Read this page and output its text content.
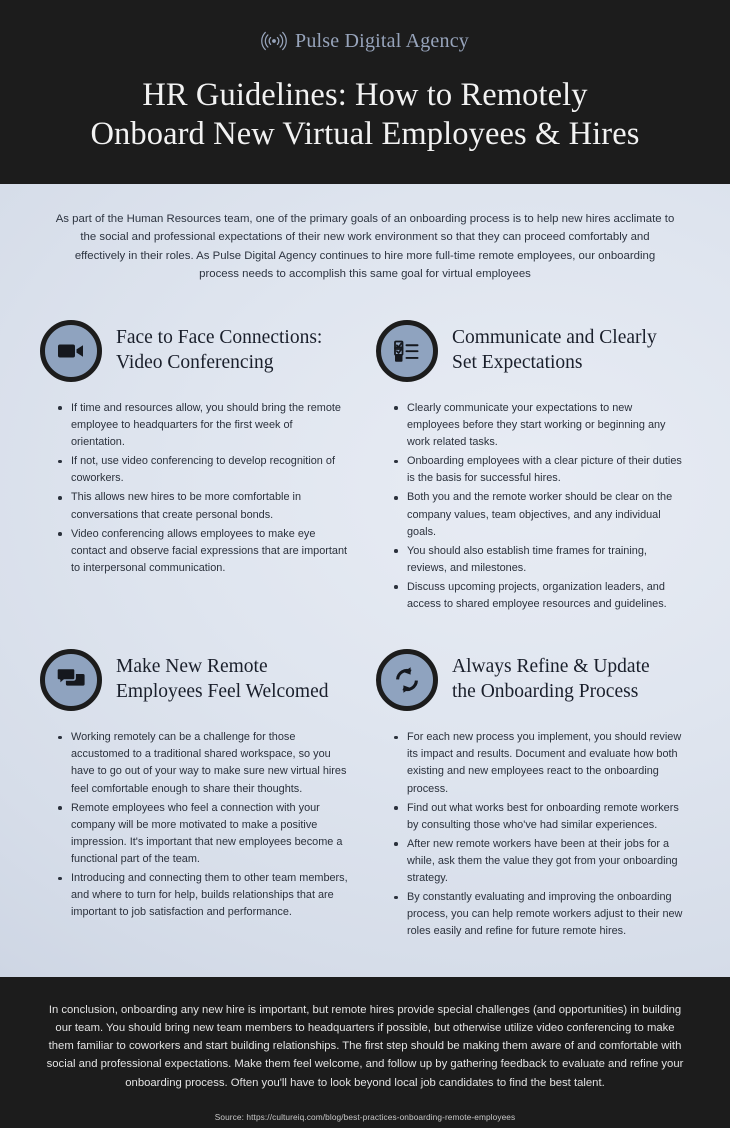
Pulse Digital Agency
HR Guidelines: How to Remotely
Onboard New Virtual Employees & Hires

As part of the Human Resources team, one of the primary goals of an onboarding process is to help new hires acclimate to the social and professional expectations of their new work environment so that they can proceed comfortably and effectively in their roles. As Pulse Digital Agency continues to hire more full-time remote employees, our onboarding process needs to accomplish this same goal for virtual employees

Face to Face Connections:
Video Conferencing
If time and resources allow, you should bring the remote employee to headquarters for the first week of orientation.
If not, use video conferencing to develop recognition of coworkers.
This allows new hires to be more comfortable in conversations that create personal bonds.
Video conferencing allows employees to make eye contact and observe facial expressions that are important to interpersonal communication.
Communicate and Clearly
Set Expectations
Clearly communicate your expectations to new employees before they start working or beginning any work related tasks.
Onboarding employees with a clear picture of their duties is the basis for successful hires.
Both you and the remote worker should be clear on the company values, team objectives, and any individual goals.
You should also establish time frames for training, reviews, and milestones.
Discuss upcoming projects, organization leaders, and access to shared employee resources and guidelines.
Make New Remote
Employees Feel Welcomed
Working remotely can be a challenge for those accustomed to a traditional shared workspace, so you have to go out of your way to make sure new virtual hires feel comfortable enough to share their thoughts.
Remote employees who feel a connection with your company will be more motivated to make a positive impression. It's important that new employees become a functional part of the team.
Introducing and connecting them to other team members, and where to turn for help, builds relationships that are important to job satisfaction and performance.
Always Refine & Update
the Onboarding Process
For each new process you implement, you should review its impact and results. Document and evaluate how both existing and new employees react to the onboarding process.
Find out what works best for onboarding remote workers by consulting those who've had similar experiences.
After new remote workers have been at their jobs for a while, ask them the value they got from your onboarding strategy.
By constantly evaluating and improving the onboarding process, you can help remote workers adjust to their new roles easily and refine for future remote hires.

In conclusion, onboarding any new hire is important, but remote hires provide special challenges (and opportunities) in building our team. You should bring new team members to headquarters if possible, but otherwise utilize video conferencing to make them familiar to coworkers and start building relationships. The first step should be making them aware of and comfortable with social and professional expectations. Make them feel welcome, and follow up by gathering feedback to evaluate and refine your onboarding process. Often you'll have to look beyond local job candidates to find the best talent.

Source: https://cultureiq.com/blog/best-practices-onboarding-remote-employees
